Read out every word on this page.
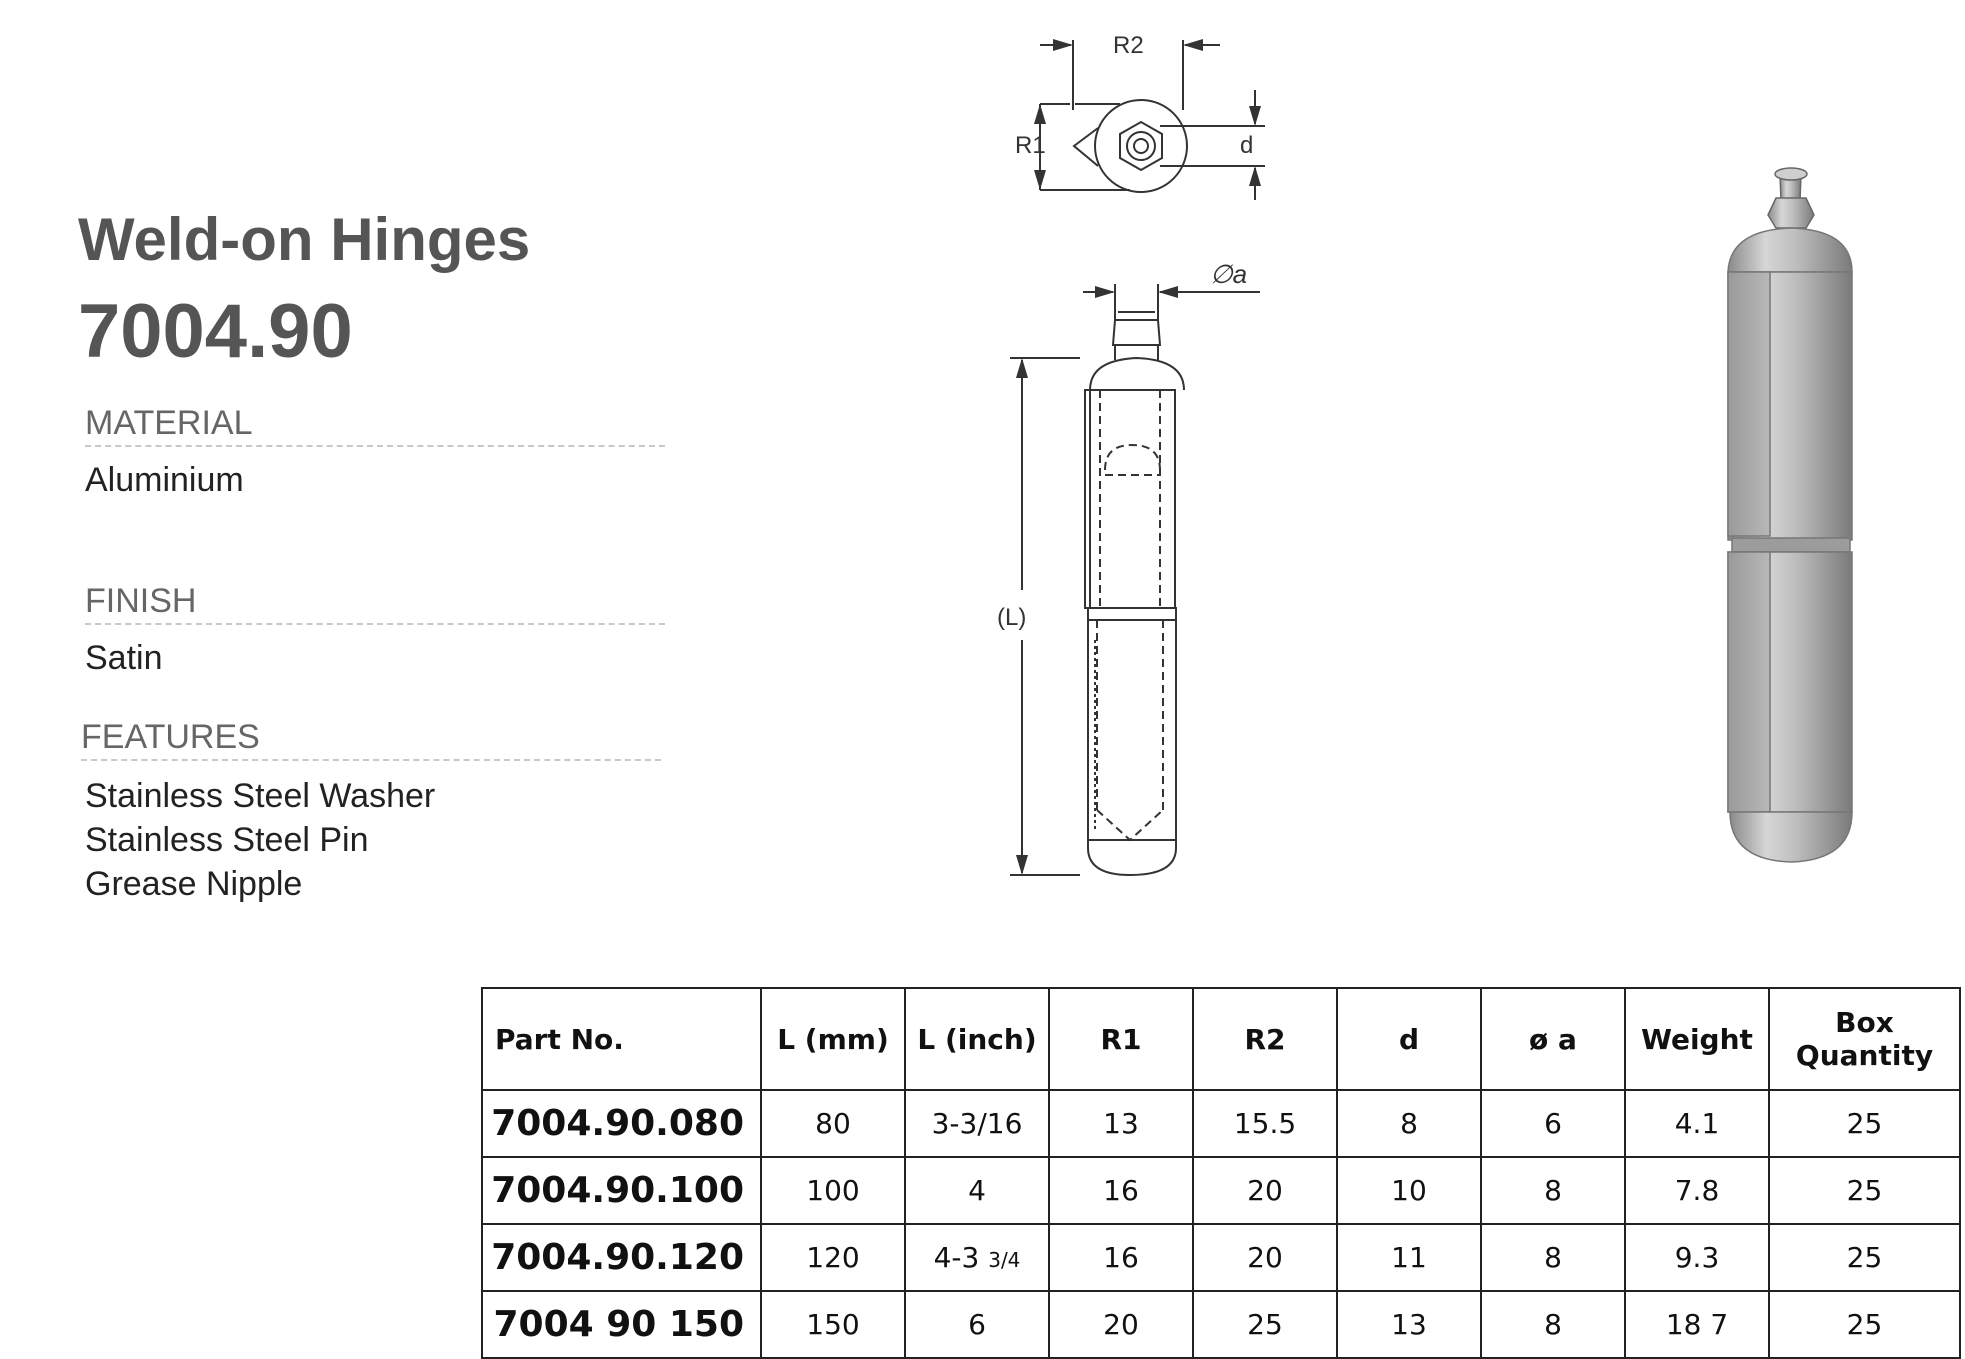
Weld-on Hinges
7004.90
MATERIAL
Aluminium
FINISH
Satin
FEATURES
Stainless Steel Washer
Stainless Steel Pin
Grease Nipple
R2
R1	d
∅a
(L)
Part No.	L (mm)	L (inch)	R1	R2	d	ø a	Weight	Box
Quantity
7004.90.080	80	3-3/16	13	15.5	8	6	4.1	25
7004.90.100	100	4	16	20	10	8	7.8	25
7004.90.120	120	4-3 3/4	16	20	11	8	9.3	25
7004 90 150	150	6	20	25	13	8	18 7	25
